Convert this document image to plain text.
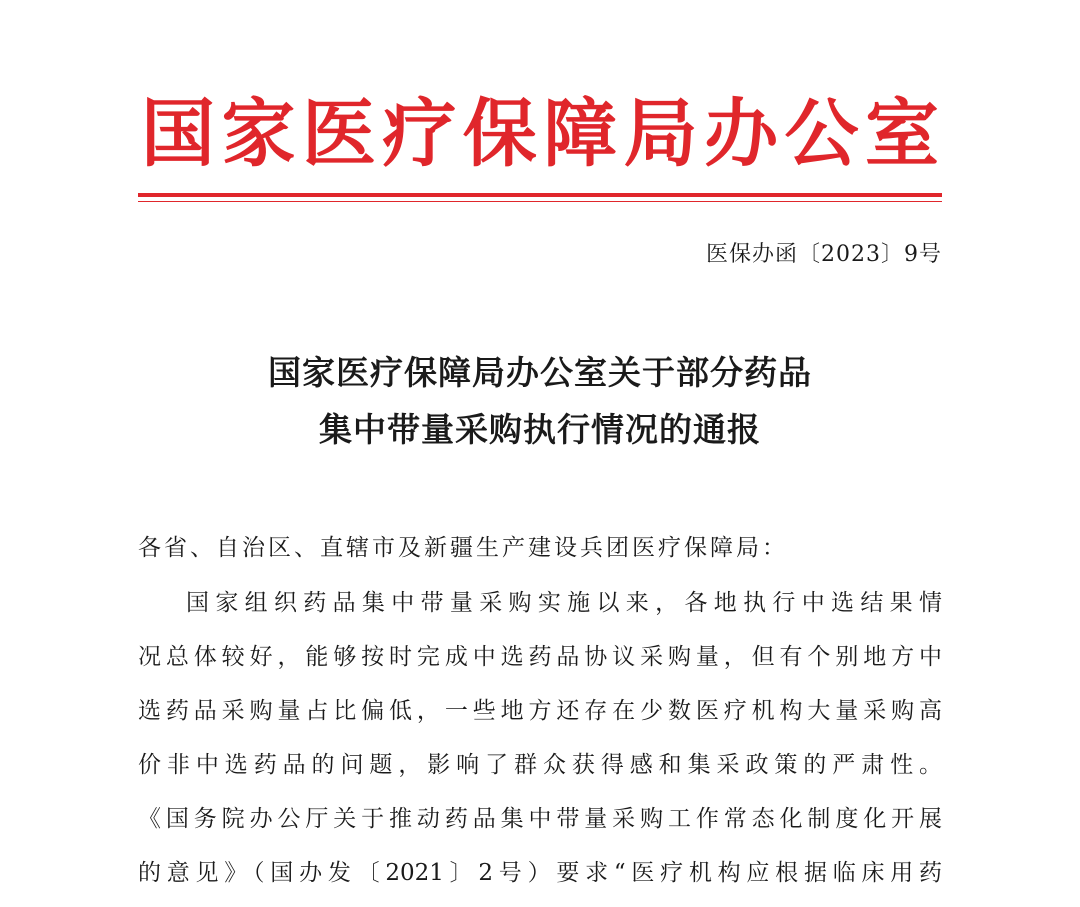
国 家 医 疗 保 障 局 办 公 室
医保办函〔2023〕9号
国家医疗保障局办公室关于部分药品
集中带量采购执行情况的通报
各省、自治区、直辖市及新疆生产建设兵团医疗保障局：
国家组织药品集中带量采购实施以来，各地执行中选结果情
况总体较好，能够按时完成中选药品协议采购量，但有个别地方中
选药品采购量占比偏低，一些地方还存在少数医疗机构大量采购高
价非中选药品的问题，影响了群众获得感和集采政策的严肃性。
《国务院办公厅关于推动药品集中带量采购工作常态化制度化开展
的意见》（国办发〔2021〕2号）要求“医疗机构应根据临床用药
